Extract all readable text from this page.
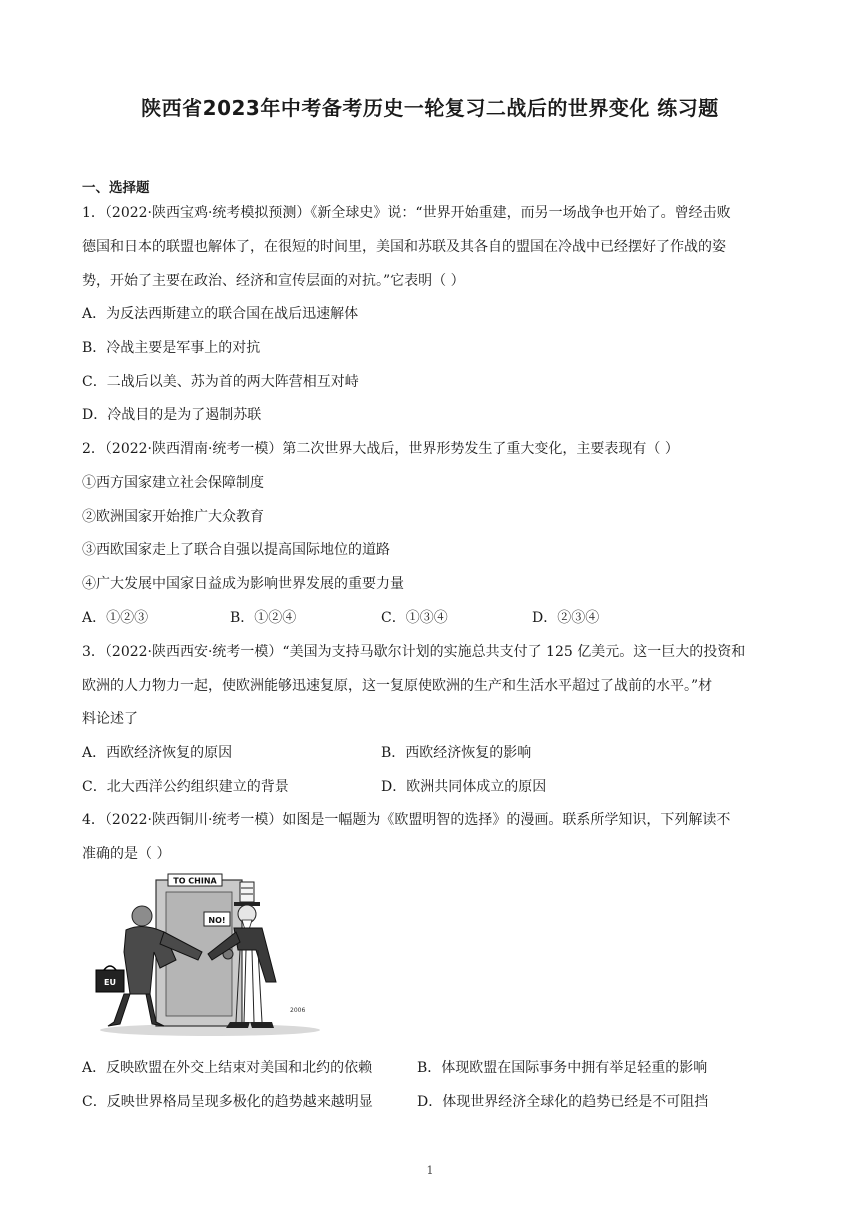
陕西省2023年中考备考历史一轮复习二战后的世界变化 练习题
一、选择题
1．（2022·陕西宝鸡·统考模拟预测）《新全球史》说：“世界开始重建，而另一场战争也开始了。曾经击败
德国和日本的联盟也解体了，在很短的时间里，美国和苏联及其各自的盟国在冷战中已经摆好了作战的姿
势，开始了主要在政治、经济和宣传层面的对抗。”它表明（ ）
A．为反法西斯建立的联合国在战后迅速解体
B．冷战主要是军事上的对抗
C．二战后以美、苏为首的两大阵营相互对峙
D．冷战目的是为了遏制苏联
2．（2022·陕西渭南·统考一模）第二次世界大战后，世界形势发生了重大变化，主要表现有（ ）
①西方国家建立社会保障制度
②欧洲国家开始推广大众教育
③西欧国家走上了联合自强以提高国际地位的道路
④广大发展中国家日益成为影响世界发展的重要力量
A．①②③	B．①②④	C．①③④	D．②③④
3．（2022·陕西西安·统考一模）“美国为支持马歇尔计划的实施总共支付了 125 亿美元。这一巨大的投资和
欧洲的人力物力一起，使欧洲能够迅速复原，这一复原使欧洲的生产和生活水平超过了战前的水平。”材
料论述了
A．西欧经济恢复的原因	B．西欧经济恢复的影响
C．北大西洋公约组织建立的背景	D．欧洲共同体成立的原因
4．（2022·陕西铜川·统考一模）如图是一幅题为《欧盟明智的选择》的漫画。联系所学知识，下列解读不
准确的是（ ）
TO CHINA
NO!
EU
2006
A．反映欧盟在外交上结束对美国和北约的依赖	B．体现欧盟在国际事务中拥有举足轻重的影响
C．反映世界格局呈现多极化的趋势越来越明显	D．体现世界经济全球化的趋势已经是不可阻挡
1
